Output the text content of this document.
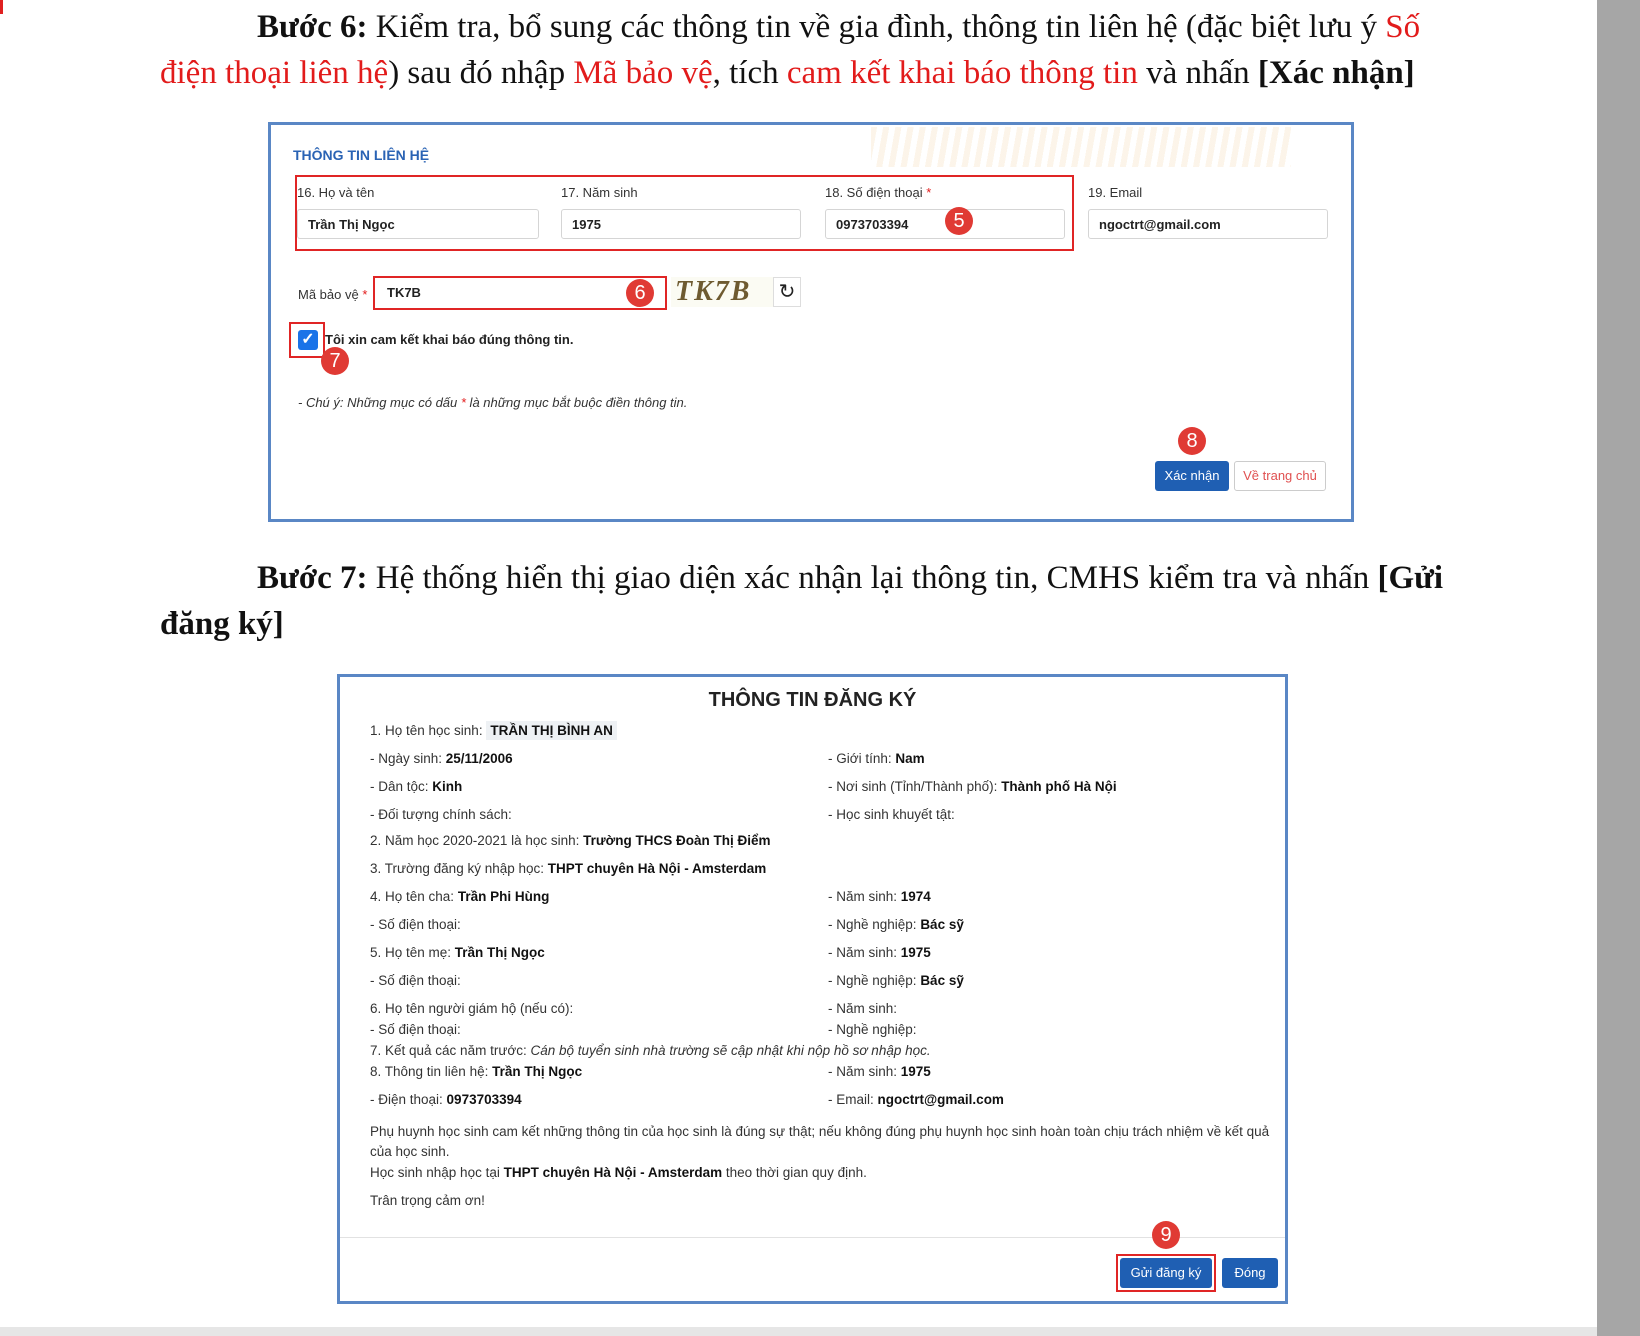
Bước 6: Kiểm tra, bổ sung các thông tin về gia đình, thông tin liên hệ (đặc biệt lưu ý Số
điện thoại liên hệ) sau đó nhập Mã bảo vệ, tích cam kết khai báo thông tin và nhấn [Xác nhận]
THÔNG TIN LIÊN HỆ
16. Họ và tên
Trần Thị Ngọc
17. Năm sinh
1975
18. Số điện thoại *
0973703394
19. Email
ngoctrt@gmail.com
5
Mã bảo vệ *	TK7B	6	TK7B	↻
✓ Tôi xin cam kết khai báo đúng thông tin.
7
- Chú ý: Những mục có dấu * là những mục bắt buộc điền thông tin.
8
Xác nhận	Về trang chủ
Bước 7: Hệ thống hiển thị giao diện xác nhận lại thông tin, CMHS kiểm tra và nhấn [Gửi
đăng ký]
THÔNG TIN ĐĂNG KÝ
1. Họ tên học sinh: TRẦN THỊ BÌNH AN
- Ngày sinh: 25/11/2006	- Giới tính: Nam
- Dân tộc: Kinh	- Nơi sinh (Tỉnh/Thành phố): Thành phố Hà Nội
- Đối tượng chính sách:	- Học sinh khuyết tật:
2. Năm học 2020-2021 là học sinh: Trường THCS Đoàn Thị Điểm
3. Trường đăng ký nhập học: THPT chuyên Hà Nội - Amsterdam
4. Họ tên cha: Trần Phi Hùng	- Năm sinh: 1974
- Số điện thoại:	- Nghề nghiệp: Bác sỹ
5. Họ tên mẹ: Trần Thị Ngọc	- Năm sinh: 1975
- Số điện thoại:	- Nghề nghiệp: Bác sỹ
6. Họ tên người giám hộ (nếu có):	- Năm sinh:
- Số điện thoại:	- Nghề nghiệp:
7. Kết quả các năm trước: Cán bộ tuyển sinh nhà trường sẽ cập nhật khi nộp hồ sơ nhập học.
8. Thông tin liên hệ: Trần Thị Ngọc	- Năm sinh: 1975
- Điện thoại: 0973703394	- Email: ngoctrt@gmail.com
Phụ huynh học sinh cam kết những thông tin của học sinh là đúng sự thật; nếu không đúng phụ huynh học sinh hoàn toàn chịu trách nhiệm về kết quả của học sinh.
Học sinh nhập học tại THPT chuyên Hà Nội - Amsterdam theo thời gian quy định.
Trân trọng cảm ơn!
9
Gửi đăng ký	Đóng
